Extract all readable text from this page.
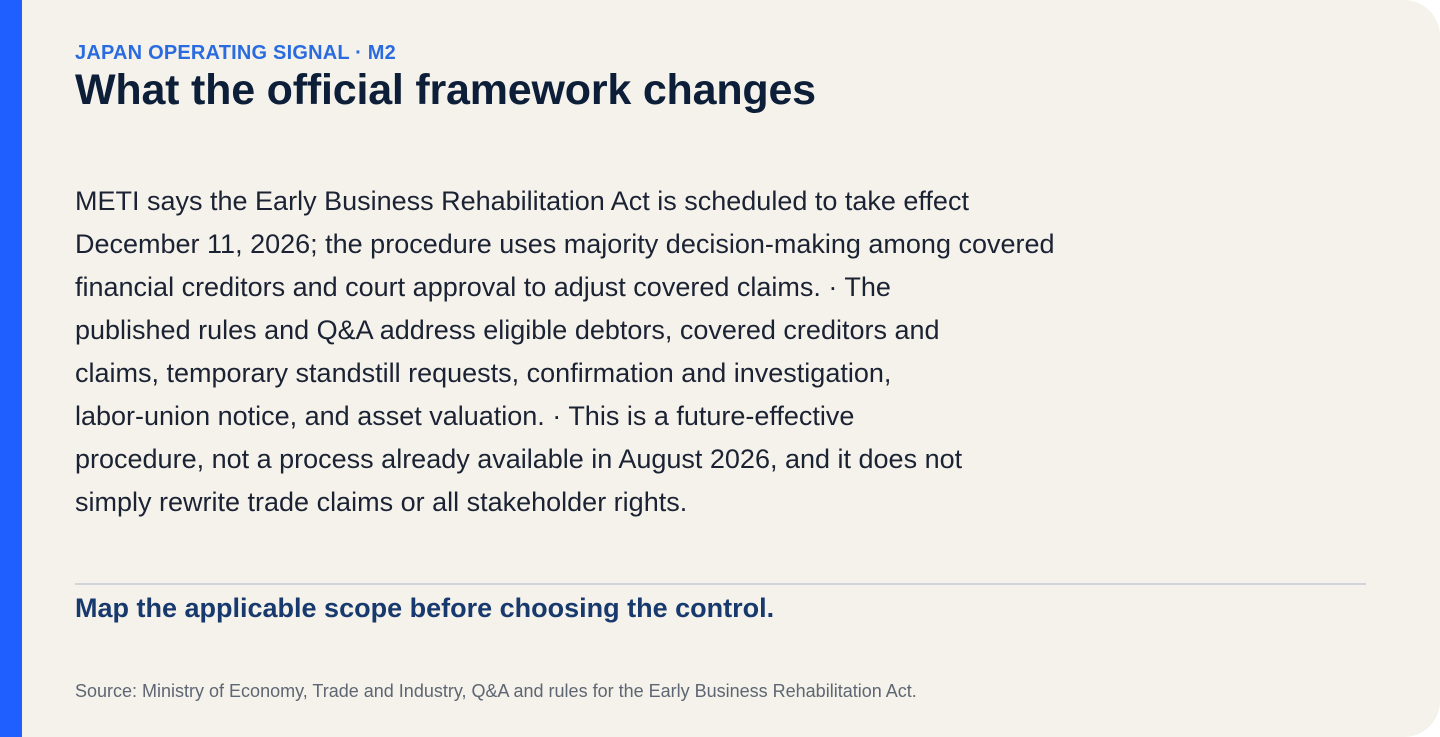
JAPAN OPERATING SIGNAL · M2
What the official framework changes

METI says the Early Business Rehabilitation Act is scheduled to take effect
December 11, 2026; the procedure uses majority decision-making among covered
financial creditors and court approval to adjust covered claims. · The
published rules and Q&A address eligible debtors, covered creditors and
claims, temporary standstill requests, confirmation and investigation,
labor-union notice, and asset valuation. · This is a future-effective
procedure, not a process already available in August 2026, and it does not
simply rewrite trade claims or all stakeholder rights.

Map the applicable scope before choosing the control.
Source: Ministry of Economy, Trade and Industry, Q&A and rules for the Early Business Rehabilitation Act.
